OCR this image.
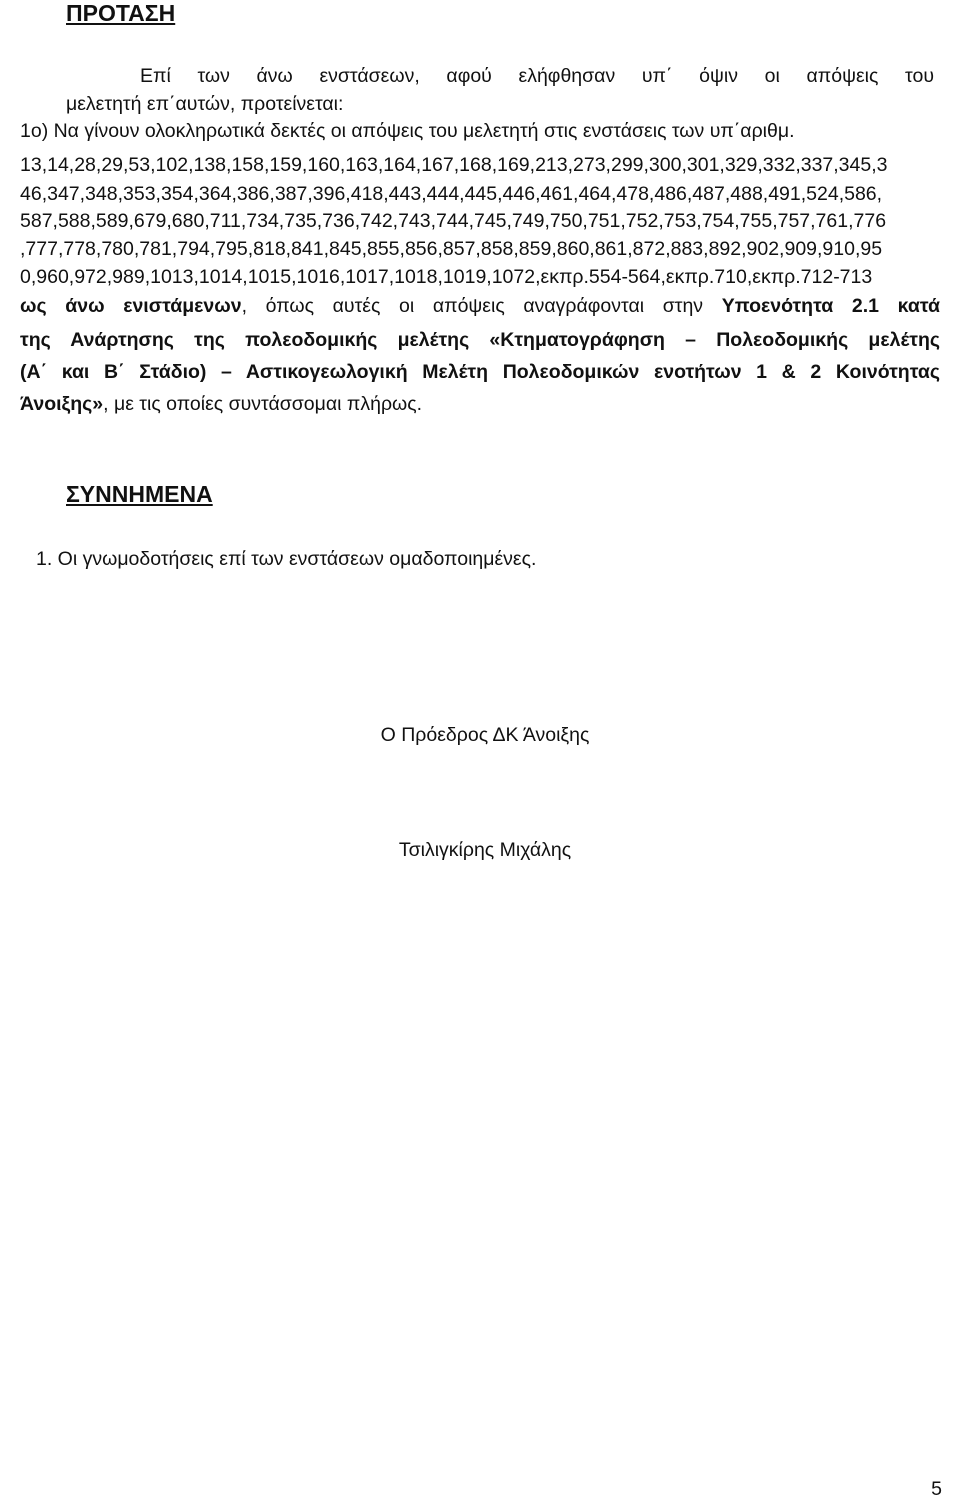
ΠΡΟΤΑΣΗ

Επί των άνω ενστάσεων, αφού ελήφθησαν υπ΄ όψιν οι απόψεις του

μελετητή επ΄αυτών, προτείνεται:

1ο) Να γίνουν ολοκληρωτικά δεκτές οι απόψεις του μελετητή στις ενστάσεις των υπ΄αριθμ.

13,14,28,29,53,102,138,158,159,160,163,164,167,168,169,213,273,299,300,301,329,332,337,345,3

46,347,348,353,354,364,386,387,396,418,443,444,445,446,461,464,478,486,487,488,491,524,586,

587,588,589,679,680,711,734,735,736,742,743,744,745,749,750,751,752,753,754,755,757,761,776

,777,778,780,781,794,795,818,841,845,855,856,857,858,859,860,861,872,883,892,902,909,910,95

0,960,972,989,1013,1014,1015,1016,1017,1018,1019,1072,εκπρ.554-564,εκπρ.710,εκπρ.712-713

ως άνω ενιστάμενων, όπως αυτές οι απόψεις αναγράφονται στην Υποενότητα 2.1 κατά

της Ανάρτησης της πολεοδομικής μελέτης «Κτηματογράφηση – Πολεοδομικής μελέτης

(Α΄ και Β΄ Στάδιο) – Αστικογεωλογική Μελέτη Πολεοδομικών ενοτήτων 1 & 2 Κοινότητας

Άνοιξης», με τις οποίες συντάσσομαι πλήρως.

ΣΥΝΝΗΜΕΝΑ

1. Οι γνωμοδοτήσεις επί των ενστάσεων ομαδοποιημένες.

Ο Πρόεδρος ΔΚ Άνοιξης

Τσιλιγκίρης Μιχάλης

5
